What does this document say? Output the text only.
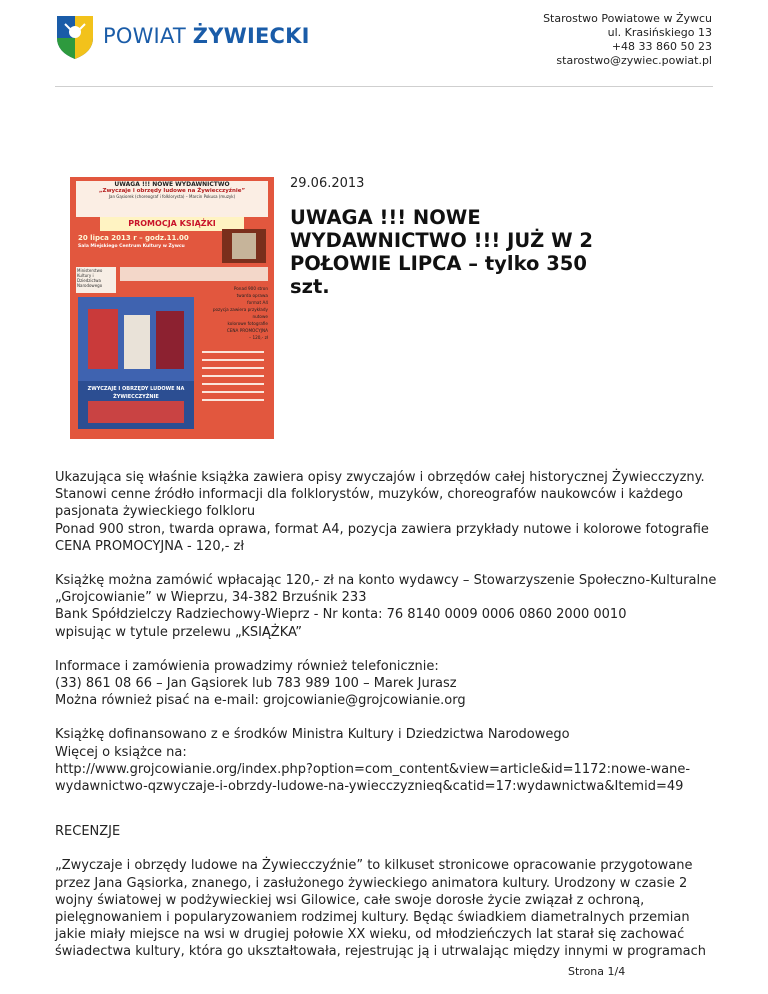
POWIAT ŻYWIECKI
Starostwo Powiatowe w Żywcu
ul. Krasińskiego 13
+48 33 860 50 23
starostwo@zywiec.powiat.pl
UWAGA !!! NOWE WYDAWNICTWO
„Zwyczaje i obrzędy ludowe na Żywiecczyźnie”
Jan Gąsiorek (choreograf i folklorysta) – Marcin Pokusa (muzyk)
PROMOCJA KSIĄŻKI
20 lipca 2013 r – godz.11.00
Sala Miejskiego Centrum Kultury w Żywcu
Ministerstwo Kultury i Dziedzictwa Narodowego
Ponad 900 stron
twarda oprawa
format A4
pozycja zawiera przykłady nutowe
kolorowe fotografie
CENA PROMOCYJNA
– 120,- zł
ZWYCZAJE I OBRZĘDY LUDOWE NA ŻYWIECCZYŹNIE
29.06.2013
UWAGA !!! NOWE WYDAWNICTWO !!! JUŻ W 2 POŁOWIE LIPCA – tylko 350 szt.

Ukazująca się właśnie książka zawiera opisy zwyczajów i obrzędów całej historycznej Żywiecczyzny.
Stanowi cenne źródło informacji dla folklorystów, muzyków, choreografów naukowców i każdego
pasjonata żywieckiego folkloru
Ponad 900 stron, twarda oprawa, format A4, pozycja zawiera przykłady nutowe i kolorowe fotografie
CENA PROMOCYJNA - 120,- zł

Książkę można zamówić wpłacając 120,- zł na konto wydawcy – Stowarzyszenie Społeczno-Kulturalne
„Grojcowianie” w Wieprzu, 34-382 Brzuśnik 233
Bank Spółdzielczy Radziechowy-Wieprz - Nr konta: 76 8140 0009 0006 0860 2000 0010
wpisując w tytule przelewu „KSIĄŻKA”

Informace i zamówienia prowadzimy również telefonicznie:
(33) 861 08 66 – Jan Gąsiorek lub 783 989 100 – Marek Jurasz
Można również pisać na e-mail: grojcowianie@grojcowianie.org

Książkę dofinansowano z e środków Ministra Kultury i Dziedzictwa Narodowego
Więcej o książce na:
http://www.grojcowianie.org/index.php?option=com_content&view=article&id=1172:nowe-wane-
wydawnictwo-qzwyczaje-i-obrzdy-ludowe-na-ywiecczyznieq&catid=17:wydawnictwa&Itemid=49

RECENZJE

„Zwyczaje i obrzędy ludowe na Żywiecczyźnie” to kilkuset stronicowe opracowanie przygotowane
przez Jana Gąsiorka, znanego, i zasłużonego żywieckiego animatora kultury. Urodzony w czasie 2
wojny światowej w podżywieckiej wsi Gilowice, całe swoje dorosłe życie związał z ochroną,
pielęgnowaniem i popularyzowaniem rodzimej kultury. Będąc świadkiem diametralnych przemian
jakie miały miejsce na wsi w drugiej połowie XX wieku, od młodzieńczych lat starał się zachować
świadectwa kultury, która go ukształtowała, rejestrując ją i utrwalając między innymi w programach

Strona 1/4
